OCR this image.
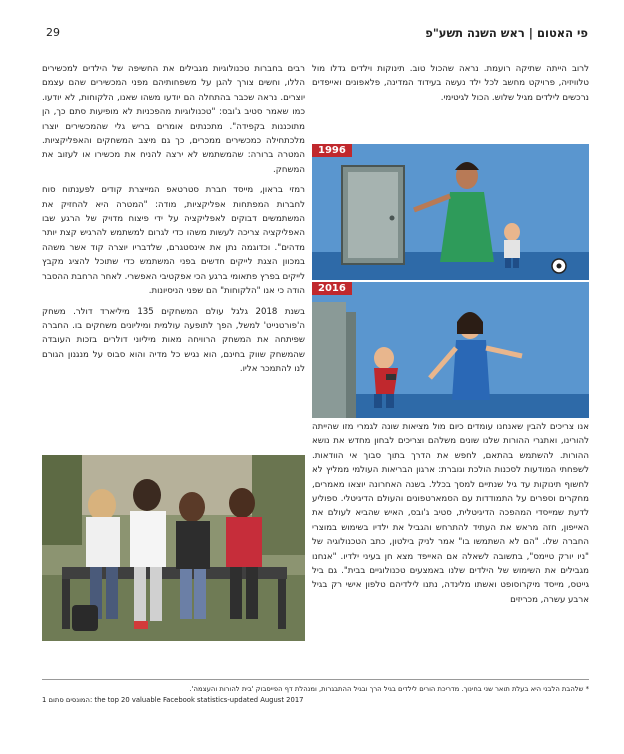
פי האטום | ראש השנה תשע"פ
29

לרוב הייתה שתיקה רועמת. נראה שהכול טוב. תינוקות וילדים גדלו מול טלוויזיה, פרויקט מחשב לכל ילד נעשה בעידוד המדינה, פלאפונים ואייפדים נרכשים לילדים מגיל שלוש. הכול לגיטימי.

1996
2016

אנו צריכים להבין שאנחנו עומדים כיום מול מציאות שונה לגמרי מזו שהייתה להורינו, ואתגרי ההורות שלנו שונים משלהם וצריכים לבחון מחדש את נושא ההורות. להשתמש בהתאם, לחפש את הדרך בתוך סבוך אי הוודאות. לשפחתי המודעות לסכנות הולכת וגוברת: ארגון הבריאות העולמי ממליץ לא לחשוף תינוקות עד גיל שנתיים למסך בכלל. בשנה האחרונה יוצאו מאמרים, מחקרים וספרים על התמודדות עם הסמארטפונים והעולם הדיגיטלי. ספוליע לדעת שמייסדי המהפכה הדיגיטלית, סטיב ג'ובס, האיש שהביא לעולם את האייפון, חזה מראש את העתיד להתרחש והגביל את ילדיו בשימוש במוצרי החברה שלו. "הם לא השתמשו בו" אמר לניק בילטון, כתב הטכנולוגיה של "ניו יורק טיימס", בתשובה לשאלה אם האייפד מצא חן בעיני ילדיו. "אנחנו מגבילים את השימוש של הילדים שלנו באמצעים טכנולוגיים בבית". גם ביל גייטס, מייסד מיקרוסופט ואשתו מלינדה, נתנו לילדיהם טלפון אישי רק בגיל ארבע עשרה, מכריזים

רבים בחברות טכנולוגיות מגבילים את החשיפה של הילדים למכשירים הללו, וחשים צורך להגן על משפחותיהם מפני המכשירים שהם עצמם יוצרים. נראה שכבר בהתחלה הם יודעו משהו שאנו, הלקוחות, לא יודעו. כמו שאמר סטיב ג'ובס: "טכנולוגיות מהפכניות לא מופיעות סתם כך, הן מתוכננות בקפידה". מתכנתים אומרים בריש גלי שהמכשירים יוצרו מלכתחילה כמכשירים ממכרים, כך גם מיצב המשחקים והאפליקציות. המטרה ברורה: שהמשתמש לא ירצה להניח את מכשירו או לעזוב את המשחק.

רמזי בראון, מייסד חברת סטרטאפ המייצרת קודים לפענתוח סוח לחברות המפתחות אפליקציות, מודה: "המטרה היא להחזיק את המשתמשים דבוקים לאפליקציה על ידי פיצוח מדויק של הרגע שבו האפליקציה צריכה לעשות משהו כדי לגרום למשתמש להרגיש קצת יותר מדהים". וכדוגמה נתן את אינסטגרם, שלדבריו יוצרה קוד אשר משהה במכוון הצגת לייקים חדשים בפני המשתמש כדי שתוכל להציג מקבץ לייקים בפרץ פתאומי ברגע הכי אפקטיבי האפשרי. לאחר הרחבת ההסבר הודה כי אנו "הלקוחות" הם שפני הניסיונות.

בשנת 2018 גלגל עולם המשחקים 135 מיליארד דולר. משחק ה'פורטנייט' למשל, הפך לתופעה עולמית ומיליונים משחקים בו. החברה שפיתחה את המשחק הרוויחה מאות מיליוני דולרים בזכות העובדה שהמשחק שווק בחינם, הוא נגיש כל מדיה והוא סבוס על מנגנון הגורם לנו להתמכר אליו.

* שלהבת הלבני היא בעלת תואר שני בחינוך. מדריכת הורים לילדים בגיל הרך ובגיל ההתבגרות, ומנהלת דף הפייסבוק 'בית להורות והעצמה'.
1 המונסים סתום: the top 20 valuable Facebook statistics-updated August 2017
